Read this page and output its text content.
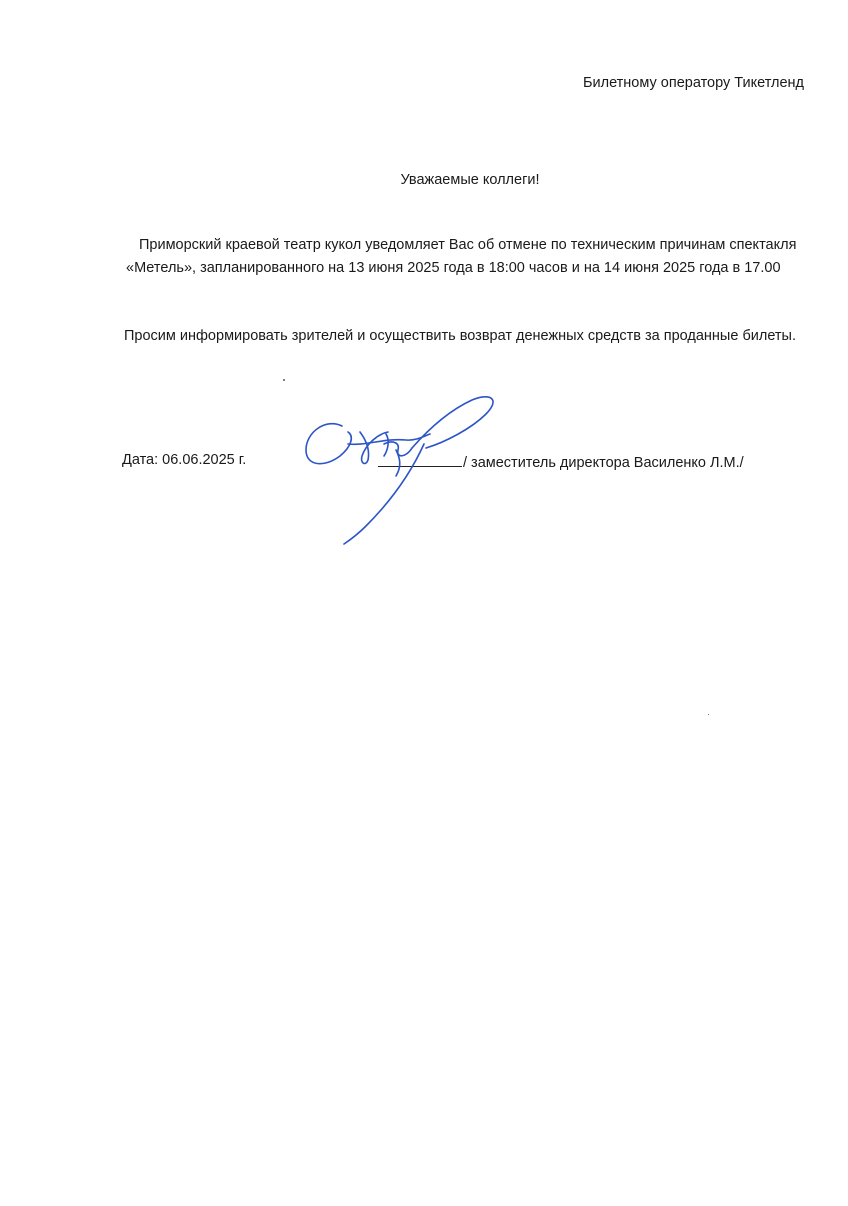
Билетному оператору Тикетленд
Уважаемые коллеги!
Приморский краевой театр кукол уведомляет Вас об отмене по техническим причинам спектакля
«Метель», запланированного на 13 июня 2025 года в 18:00 часов и на 14 июня 2025 года в 17.00
Просим информировать зрителей и осуществить возврат денежных средств за проданные билеты.
Дата: 06.06.2025 г.	/ заместитель директора Василенко Л.М./
